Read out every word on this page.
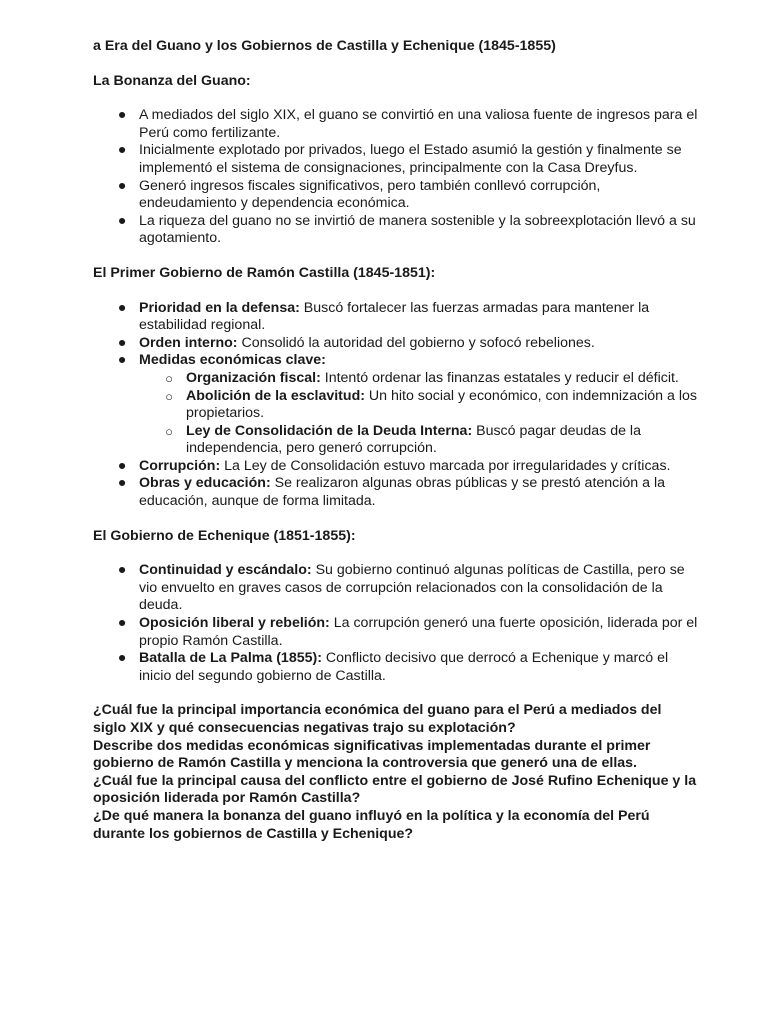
a Era del Guano y los Gobiernos de Castilla y Echenique (1845-1855)

La Bonanza del Guano:

● A mediados del siglo XIX, el guano se convirtió en una valiosa fuente de ingresos para el Perú como fertilizante.
● Inicialmente explotado por privados, luego el Estado asumió la gestión y finalmente se implementó el sistema de consignaciones, principalmente con la Casa Dreyfus.
● Generó ingresos fiscales significativos, pero también conllevó corrupción, endeudamiento y dependencia económica.
● La riqueza del guano no se invirtió de manera sostenible y la sobreexplotación llevó a su agotamiento.

El Primer Gobierno de Ramón Castilla (1845-1851):

● Prioridad en la defensa: Buscó fortalecer las fuerzas armadas para mantener la estabilidad regional.
● Orden interno: Consolidó la autoridad del gobierno y sofocó rebeliones.
● Medidas económicas clave:
○ Organización fiscal: Intentó ordenar las finanzas estatales y reducir el déficit.
○ Abolición de la esclavitud: Un hito social y económico, con indemnización a los propietarios.
○ Ley de Consolidación de la Deuda Interna: Buscó pagar deudas de la independencia, pero generó corrupción.
● Corrupción: La Ley de Consolidación estuvo marcada por irregularidades y críticas.
● Obras y educación: Se realizaron algunas obras públicas y se prestó atención a la educación, aunque de forma limitada.

El Gobierno de Echenique (1851-1855):

● Continuidad y escándalo: Su gobierno continuó algunas políticas de Castilla, pero se vio envuelto en graves casos de corrupción relacionados con la consolidación de la deuda.
● Oposición liberal y rebelión: La corrupción generó una fuerte oposición, liderada por el propio Ramón Castilla.
● Batalla de La Palma (1855): Conflicto decisivo que derrocó a Echenique y marcó el inicio del segundo gobierno de Castilla.

¿Cuál fue la principal importancia económica del guano para el Perú a mediados del siglo XIX y qué consecuencias negativas trajo su explotación?

Describe dos medidas económicas significativas implementadas durante el primer gobierno de Ramón Castilla y menciona la controversia que generó una de ellas.

¿Cuál fue la principal causa del conflicto entre el gobierno de José Rufino Echenique y la oposición liderada por Ramón Castilla?

¿De qué manera la bonanza del guano influyó en la política y la economía del Perú durante los gobiernos de Castilla y Echenique?
